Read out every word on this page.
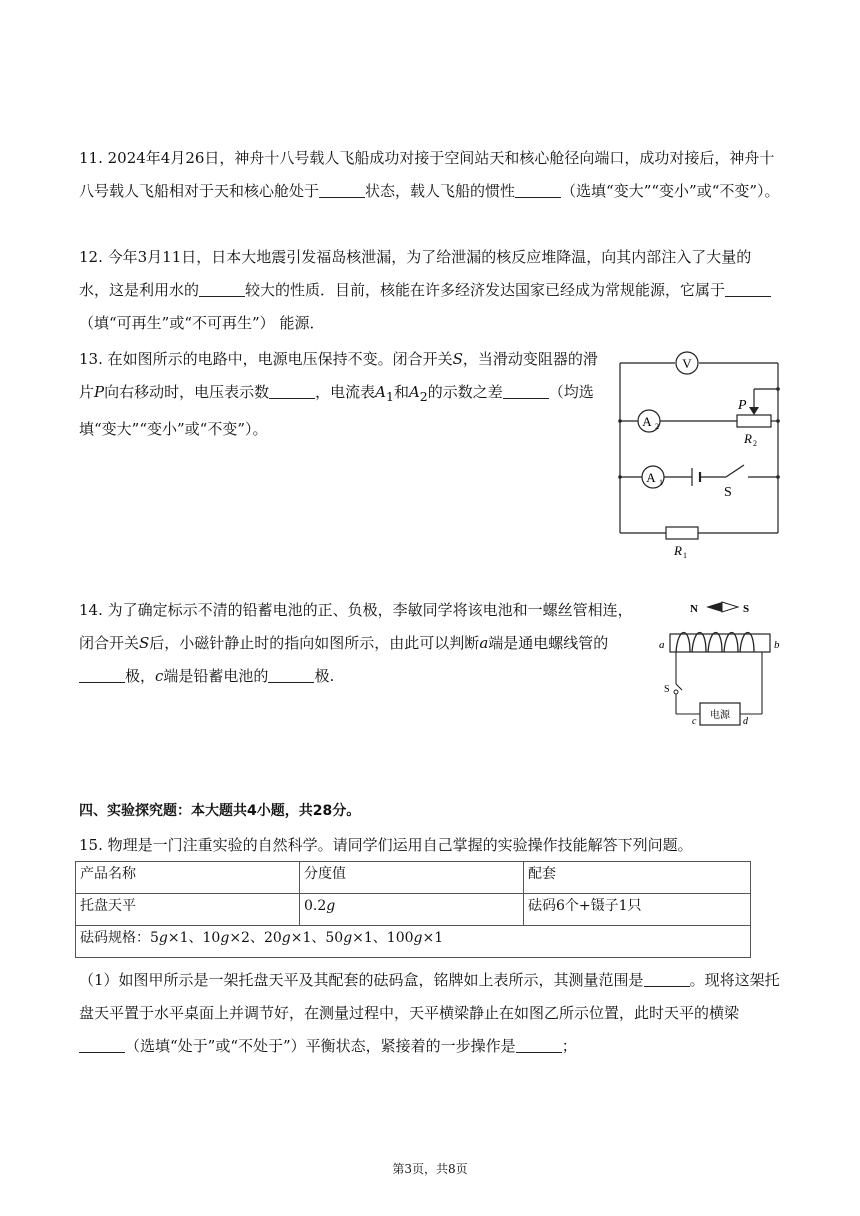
11. 2024年4月26日，神舟十八号载人飞船成功对接于空间站天和核心舱径向端口，成功对接后，神舟十八号载人飞船相对于天和核心舱处于	状态，载人飞船的惯性	（选填“变大”“变小”或“不变”）。

12. 今年3月11日，日本大地震引发福岛核泄漏，为了给泄漏的核反应堆降温，向其内部注入了大量的水，这是利用水的	较大的性质．目前，核能在许多经济发达国家已经成为常规能源，它属于（填“可再生”或“不可再生”） 能源．

13. 在如图所示的电路中，电源电压保持不变。闭合开关S，当滑动变阻器的滑片P向右移动时，电压表示数	，电流表$A_1$和$A_2$的示数之差	（均选填“变大”“变小”或“不变”）。

V
A 2
P
R 2
A 1
S
R 1

14. 为了确定标示不清的铅蓄电池的正、负极，李敏同学将该电池和一螺丝管相连，闭合开关S后，小磁针静止时的指向如图所示，由此可以判断a端是通电螺线管的极，c端是铅蓄电池的	极.

N	S
a	b
S
电源
c	d
四、实验探究题：本大题共4小题，共28分。

15. 物理是一门注重实验的自然科学。请同学们运用自己掌握的实验操作技能解答下列问题。

产品名称	分度值	配套
托盘天平	0.2g	砝码6个+镊子1只
砝码规格：5g×1、10g×2、20g×1、50g×1、100g×1		

（1）如图甲所示是一架托盘天平及其配套的砝码盒，铭牌如上表所示，其测量范围是	。现将这架托盘天平置于水平桌面上并调节好，在测量过程中，天平横梁静止在如图乙所示位置，此时天平的横梁（选填“处于”或“不处于”）平衡状态，紧接着的一步操作是	；

第3页，共8页
